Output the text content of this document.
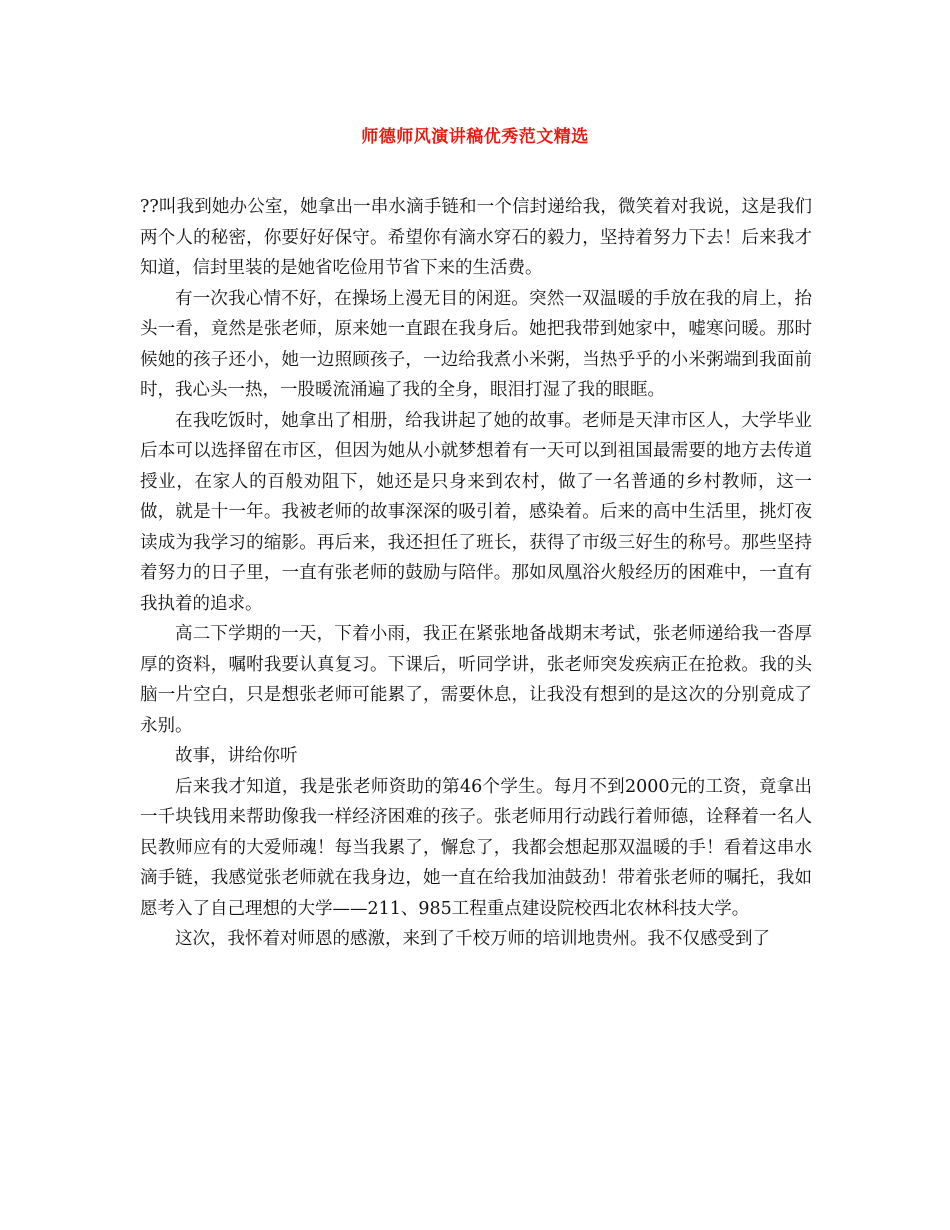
师德师风演讲稿优秀范文精选

??叫我到她办公室，她拿出一串水滴手链和一个信封递给我，微笑着对我说，这是我们两个人的秘密，你要好好保守。希望你有滴水穿石的毅力，坚持着努力下去！后来我才知道，信封里装的是她省吃俭用节省下来的生活费。

有一次我心情不好，在操场上漫无目的闲逛。突然一双温暖的手放在我的肩上，抬头一看，竟然是张老师，原来她一直跟在我身后。她把我带到她家中，嘘寒问暖。那时候她的孩子还小，她一边照顾孩子，一边给我煮小米粥，当热乎乎的小米粥端到我面前时，我心头一热，一股暖流涌遍了我的全身，眼泪打湿了我的眼眶。

在我吃饭时，她拿出了相册，给我讲起了她的故事。老师是天津市区人，大学毕业后本可以选择留在市区，但因为她从小就梦想着有一天可以到祖国最需要的地方去传道授业，在家人的百般劝阻下，她还是只身来到农村，做了一名普通的乡村教师，这一做，就是十一年。我被老师的故事深深的吸引着，感染着。后来的高中生活里，挑灯夜读成为我学习的缩影。再后来，我还担任了班长，获得了市级三好生的称号。那些坚持着努力的日子里，一直有张老师的鼓励与陪伴。那如凤凰浴火般经历的困难中，一直有我执着的追求。

高二下学期的一天，下着小雨，我正在紧张地备战期末考试，张老师递给我一沓厚厚的资料，嘱咐我要认真复习。下课后，听同学讲，张老师突发疾病正在抢救。我的头脑一片空白，只是想张老师可能累了，需要休息，让我没有想到的是这次的分别竟成了永别。

故事，讲给你听

后来我才知道，我是张老师资助的第46个学生。每月不到2000元的工资，竟拿出一千块钱用来帮助像我一样经济困难的孩子。张老师用行动践行着师德，诠释着一名人民教师应有的大爱师魂！每当我累了，懈怠了，我都会想起那双温暖的手！看着这串水滴手链，我感觉张老师就在我身边，她一直在给我加油鼓劲！带着张老师的嘱托，我如愿考入了自己理想的大学——211、985工程重点建设院校西北农林科技大学。

这次，我怀着对师恩的感激，来到了千校万师的培训地贵州。我不仅感受到了
